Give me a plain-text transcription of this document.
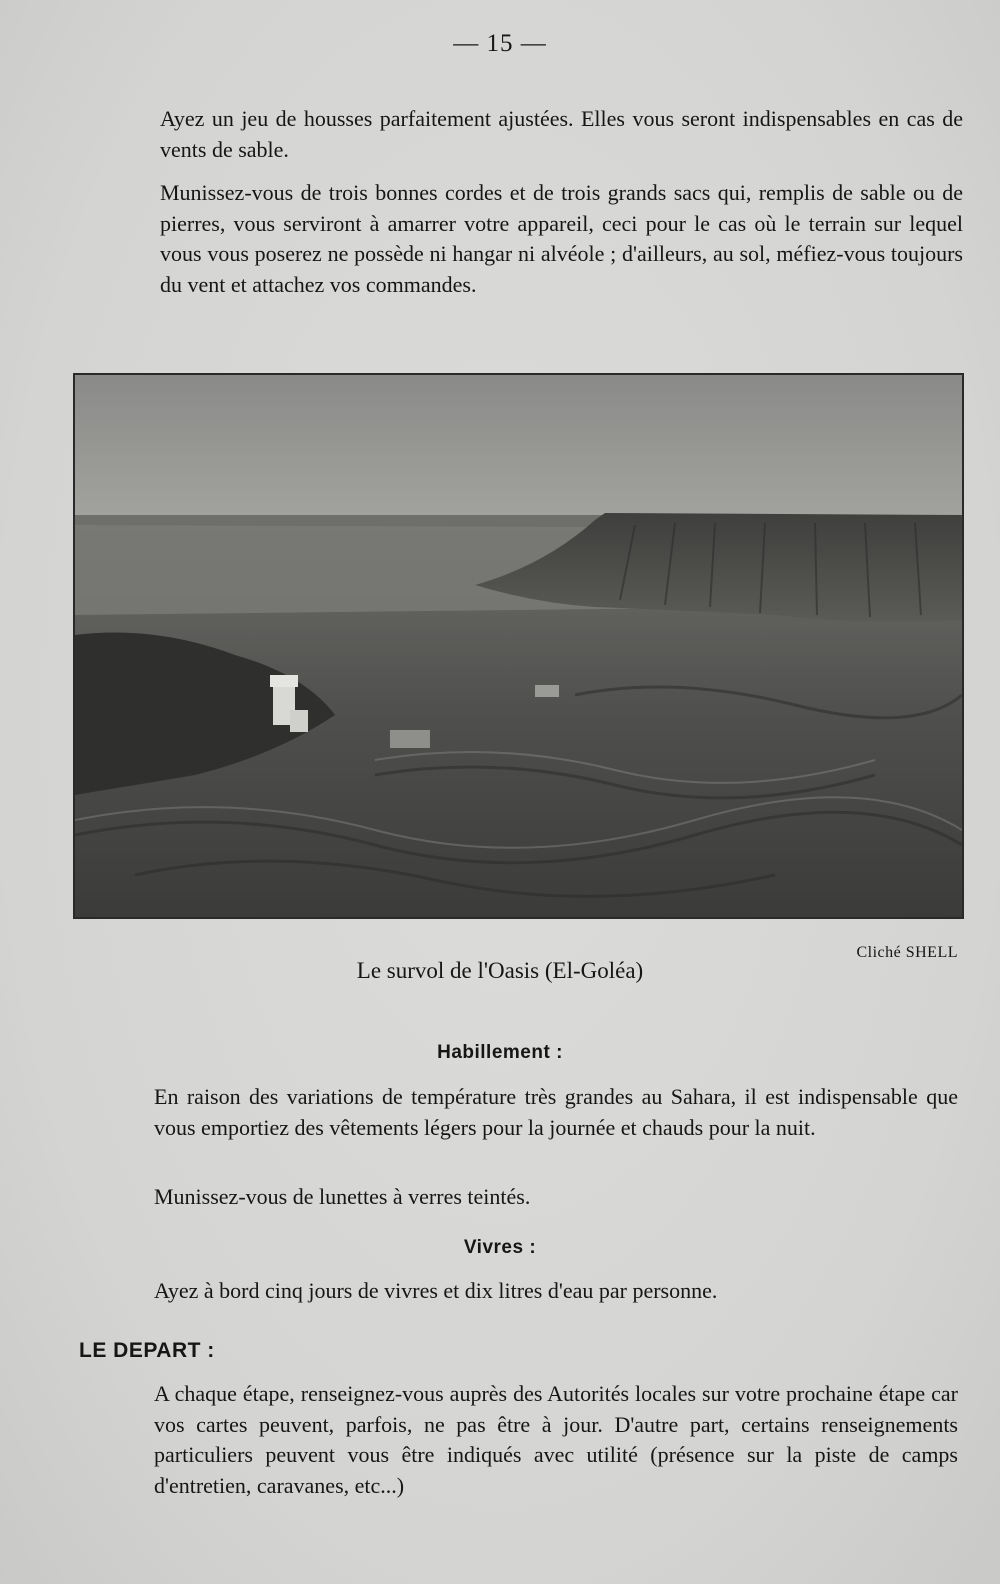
— 15 —

Ayez un jeu de housses parfaitement ajustées. Elles vous seront indispensables en cas de vents de sable.

Munissez-vous de trois bonnes cordes et de trois grands sacs qui, remplis de sable ou de pierres, vous serviront à amarrer votre appareil, ceci pour le cas où le terrain sur lequel vous vous poserez ne possède ni hangar ni alvéole ; d'ailleurs, au sol, méfiez-vous toujours du vent et attachez vos commandes.

Cliché SHELL
Le survol de l'Oasis (El-Goléa)
Habillement :

En raison des variations de température très grandes au Sahara, il est indispensable que vous emportiez des vêtements légers pour la journée et chauds pour la nuit.

Munissez-vous de lunettes à verres teintés.

Vivres :

Ayez à bord cinq jours de vivres et dix litres d'eau par personne.

LE DEPART :

A chaque étape, renseignez-vous auprès des Autorités locales sur votre prochaine étape car vos cartes peuvent, parfois, ne pas être à jour. D'autre part, certains renseignements particuliers peuvent vous être indiqués avec utilité (présence sur la piste de camps d'entretien, caravanes, etc...)
